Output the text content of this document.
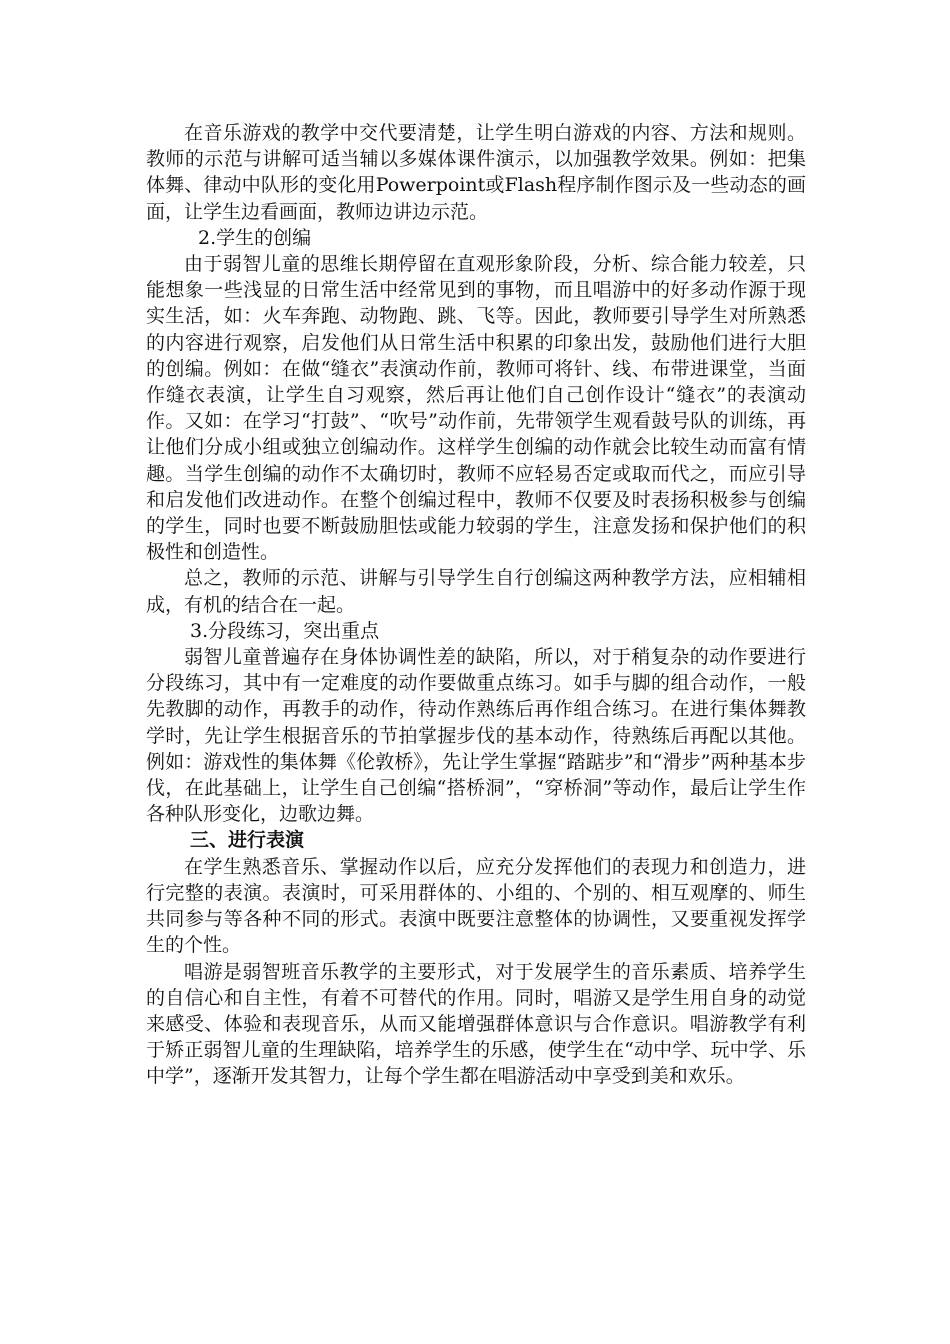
在音乐游戏的教学中交代要清楚，让学生明白游戏的内容、方法和规则。教师的示范与讲解可适当辅以多媒体课件演示，以加强教学效果。例如：把集体舞、律动中队形的变化用Powerpoint或Flash程序制作图示及一些动态的画面，让学生边看画面，教师边讲边示范。

2.学生的创编

由于弱智儿童的思维长期停留在直观形象阶段，分析、综合能力较差，只能想象一些浅显的日常生活中经常见到的事物，而且唱游中的好多动作源于现实生活，如：火车奔跑、动物跑、跳、飞等。因此，教师要引导学生对所熟悉的内容进行观察，启发他们从日常生活中积累的印象出发，鼓励他们进行大胆的创编。例如：在做“缝衣”表演动作前，教师可将针、线、布带进课堂，当面作缝衣表演，让学生自习观察，然后再让他们自己创作设计“缝衣”的表演动作。又如：在学习“打鼓”、“吹号”动作前，先带领学生观看鼓号队的训练，再让他们分成小组或独立创编动作。这样学生创编的动作就会比较生动而富有情趣。当学生创编的动作不太确切时，教师不应轻易否定或取而代之，而应引导和启发他们改进动作。在整个创编过程中，教师不仅要及时表扬积极参与创编的学生，同时也要不断鼓励胆怯或能力较弱的学生，注意发扬和保护他们的积极性和创造性。

总之，教师的示范、讲解与引导学生自行创编这两种教学方法，应相辅相成，有机的结合在一起。

3.分段练习，突出重点

弱智儿童普遍存在身体协调性差的缺陷，所以，对于稍复杂的动作要进行分段练习，其中有一定难度的动作要做重点练习。如手与脚的组合动作，一般先教脚的动作，再教手的动作，待动作熟练后再作组合练习。在进行集体舞教学时，先让学生根据音乐的节拍掌握步伐的基本动作，待熟练后再配以其他。例如：游戏性的集体舞《伦敦桥》，先让学生掌握“踏踮步”和“滑步”两种基本步伐，在此基础上，让学生自己创编“搭桥洞”，“穿桥洞”等动作，最后让学生作各种队形变化，边歌边舞。

三、进行表演

在学生熟悉音乐、掌握动作以后，应充分发挥他们的表现力和创造力，进行完整的表演。表演时，可采用群体的、小组的、个别的、相互观摩的、师生共同参与等各种不同的形式。表演中既要注意整体的协调性，又要重视发挥学生的个性。

唱游是弱智班音乐教学的主要形式，对于发展学生的音乐素质、培养学生的自信心和自主性，有着不可替代的作用。同时，唱游又是学生用自身的动觉来感受、体验和表现音乐，从而又能增强群体意识与合作意识。唱游教学有利于矫正弱智儿童的生理缺陷，培养学生的乐感，使学生在“动中学、玩中学、乐中学”，逐渐开发其智力，让每个学生都在唱游活动中享受到美和欢乐。
